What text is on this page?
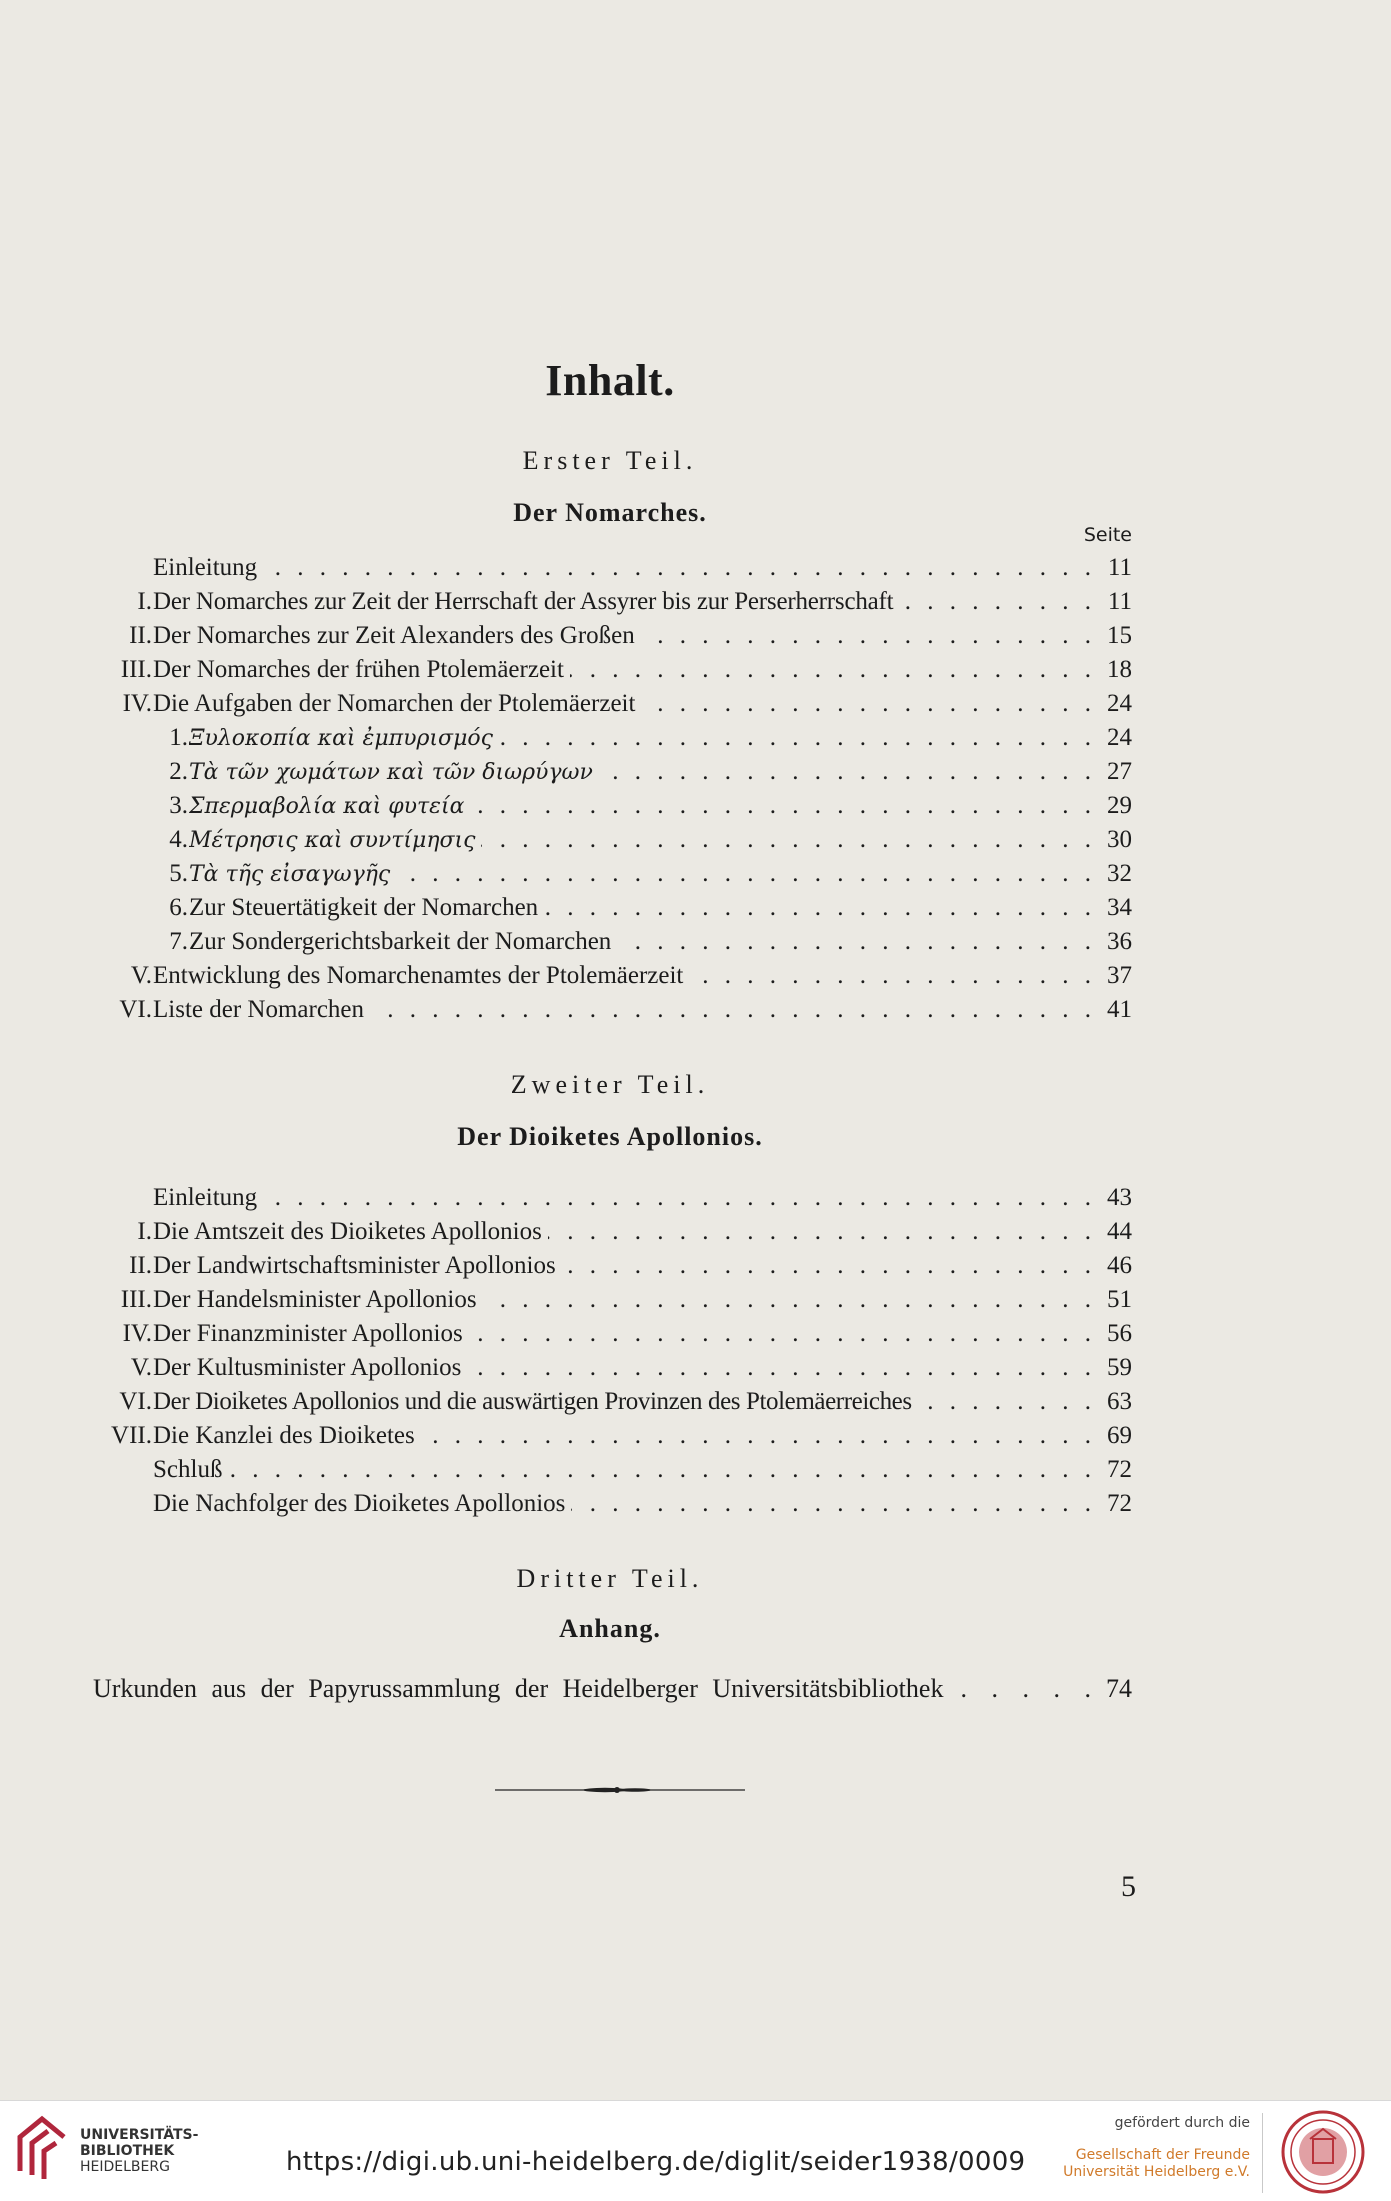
Inhalt.
Erster Teil.
Der Nomarches.
Seite
Einleitung . . .	11
I. Der Nomarches zur Zeit der Herrschaft der Assyrer bis zur Perserherrschaft . . .	11
II. Der Nomarches zur Zeit Alexanders des Großen . . .	15
III. Der Nomarches der frühen Ptolemäerzeit . . .	18
IV. Die Aufgaben der Nomarchen der Ptolemäerzeit . . .	24
1. Ξυλοκοπία καὶ ἐμπυρισμός . . .	24
2. Τὰ τῶν χωμάτων καὶ τῶν διωρύγων . . .	27
3. Σπερμαβολία καὶ φυτεία . . .	29
4. Μέτρησις καὶ συντίμησις . . .	30
5. Τὰ τῆς εἰσαγωγῆς . . .	32
6. Zur Steuertätigkeit der Nomarchen . . .	34
7. Zur Sondergerichtsbarkeit der Nomarchen . . .	36
V. Entwicklung des Nomarchenamtes der Ptolemäerzeit . . .	37
VI. Liste der Nomarchen . . .	41
Zweiter Teil.
Der Dioiketes Apollonios.
Einleitung . . .	43
I. Die Amtszeit des Dioiketes Apollonios . . .	44
II. Der Landwirtschaftsminister Apollonios . . .	46
III. Der Handelsminister Apollonios . . .	51
IV. Der Finanzminister Apollonios . . .	56
V. Der Kultusminister Apollonios . . .	59
VI. Der Dioiketes Apollonios und die auswärtigen Provinzen des Ptolemäerreiches . . .	63
VII. Die Kanzlei des Dioiketes . . .	69
Schluß . . .	72
Die Nachfolger des Dioiketes Apollonios . . .	72
Dritter Teil.
Anhang.
Urkunden aus der Papyrussammlung der Heidelberger Universitätsbibliothek . . .	74
5
UNIVERSITÄTS-
BIBLIOTHEK
HEIDELBERG	https://digi.ub.uni-heidelberg.de/diglit/seider1938/0009
gefördert durch die
Gesellschaft der Freunde
Universität Heidelberg e.V.
